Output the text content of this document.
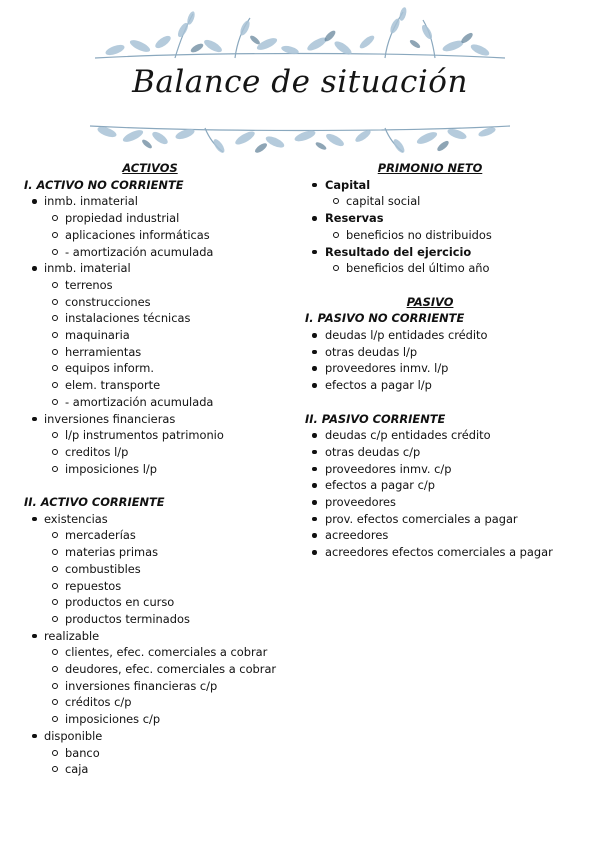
Balance de situación
ACTIVOS
I. ACTIVO NO CORRIENTE
inmb. inmaterial
propiedad industrial
aplicaciones informáticas
- amortización acumulada
inmb. imaterial
terrenos
construcciones
instalaciones técnicas
maquinaria
herramientas
equipos inform.
elem. transporte
- amortización acumulada
inversiones financieras
l/p instrumentos patrimonio
creditos l/p
imposiciones l/p
II. ACTIVO CORRIENTE
existencias
mercaderías
materias primas
combustibles
repuestos
productos en curso
productos terminados
realizable
clientes, efec. comerciales a cobrar
deudores, efec. comerciales a cobrar
inversiones financieras c/p
créditos c/p
imposiciones c/p
disponible
banco
caja
PRIMONIO NETO
Capital
capital social
Reservas
beneficios no distribuidos
Resultado del ejercicio
beneficios del último año
PASIVO
I. PASIVO NO CORRIENTE
deudas l/p entidades crédito
otras deudas l/p
proveedores inmv. l/p
efectos a pagar l/p
II. PASIVO CORRIENTE
deudas c/p entidades crédito
otras deudas c/p
proveedores inmv. c/p
efectos a pagar c/p
proveedores
prov. efectos comerciales a pagar
acreedores
acreedores efectos comerciales a pagar
